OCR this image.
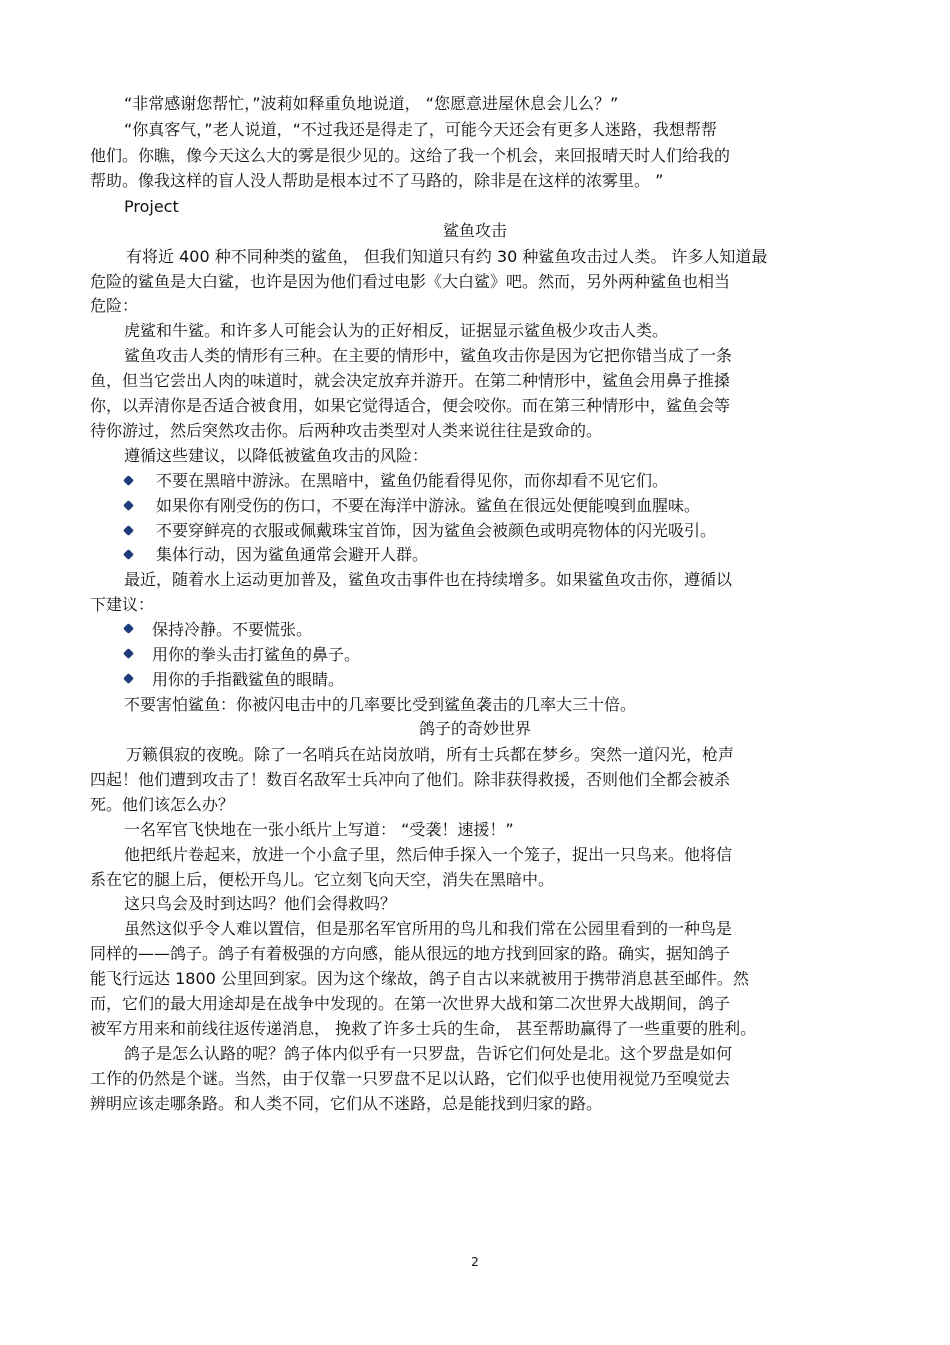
“非常感谢您帮忙，”波莉如释重负地说道， “您愿意进屋休息会儿么？”
“你真客气，”老人说道，“不过我还是得走了，可能今天还会有更多人迷路，我想帮帮
他们。你瞧，像今天这么大的雾是很少见的。这给了我一个机会，来回报晴天时人们给我的
帮助。像我这样的盲人没人帮助是根本过不了马路的，除非是在这样的浓雾里。 ”
Project
鲨鱼攻击
有将近 400 种不同种类的鲨鱼， 但我们知道只有约 30 种鲨鱼攻击过人类。 许多人知道最
危险的鲨鱼是大白鲨，也许是因为他们看过电影《大白鲨》吧。然而，另外两种鲨鱼也相当
危险：
虎鲨和牛鲨。和许多人可能会认为的正好相反，证据显示鲨鱼极少攻击人类。
鲨鱼攻击人类的情形有三种。在主要的情形中，鲨鱼攻击你是因为它把你错当成了一条
鱼，但当它尝出人肉的味道时，就会决定放弃并游开。在第二种情形中，鲨鱼会用鼻子推搡
你，以弄清你是否适合被食用，如果它觉得适合，便会咬你。而在第三种情形中，鲨鱼会等
待你游过，然后突然攻击你。后两种攻击类型对人类来说往往是致命的。
遵循这些建议，以降低被鲨鱼攻击的风险：
不要在黑暗中游泳。在黑暗中，鲨鱼仍能看得见你，而你却看不见它们。
如果你有刚受伤的伤口，不要在海洋中游泳。鲨鱼在很远处便能嗅到血腥味。
不要穿鲜亮的衣服或佩戴珠宝首饰，因为鲨鱼会被颜色或明亮物体的闪光吸引。
集体行动，因为鲨鱼通常会避开人群。
最近，随着水上运动更加普及，鲨鱼攻击事件也在持续增多。如果鲨鱼攻击你，遵循以
下建议：
保持冷静。不要慌张。
用你的拳头击打鲨鱼的鼻子。
用你的手指戳鲨鱼的眼睛。
不要害怕鲨鱼：你被闪电击中的几率要比受到鲨鱼袭击的几率大三十倍。
鸽子的奇妙世界
万籁俱寂的夜晚。除了一名哨兵在站岗放哨，所有士兵都在梦乡。突然一道闪光，枪声
四起！他们遭到攻击了！数百名敌军士兵冲向了他们。除非获得救援，否则他们全都会被杀
死。他们该怎么办？
一名军官飞快地在一张小纸片上写道： “受袭！速援！”
他把纸片卷起来，放进一个小盒子里，然后伸手探入一个笼子，捉出一只鸟来。他将信
系在它的腿上后，便松开鸟儿。它立刻飞向天空，消失在黑暗中。
这只鸟会及时到达吗？他们会得救吗？
虽然这似乎令人难以置信，但是那名军官所用的鸟儿和我们常在公园里看到的一种鸟是
同样的——鸽子。鸽子有着极强的方向感，能从很远的地方找到回家的路。确实，据知鸽子
能飞行远达 1800 公里回到家。因为这个缘故，鸽子自古以来就被用于携带消息甚至邮件。然
而，它们的最大用途却是在战争中发现的。在第一次世界大战和第二次世界大战期间，鸽子
被军方用来和前线往返传递消息， 挽救了许多士兵的生命， 甚至帮助赢得了一些重要的胜利。
鸽子是怎么认路的呢？鸽子体内似乎有一只罗盘，告诉它们何处是北。这个罗盘是如何
工作的仍然是个谜。当然，由于仅靠一只罗盘不足以认路，它们似乎也使用视觉乃至嗅觉去
辨明应该走哪条路。和人类不同，它们从不迷路，总是能找到归家的路。
2
